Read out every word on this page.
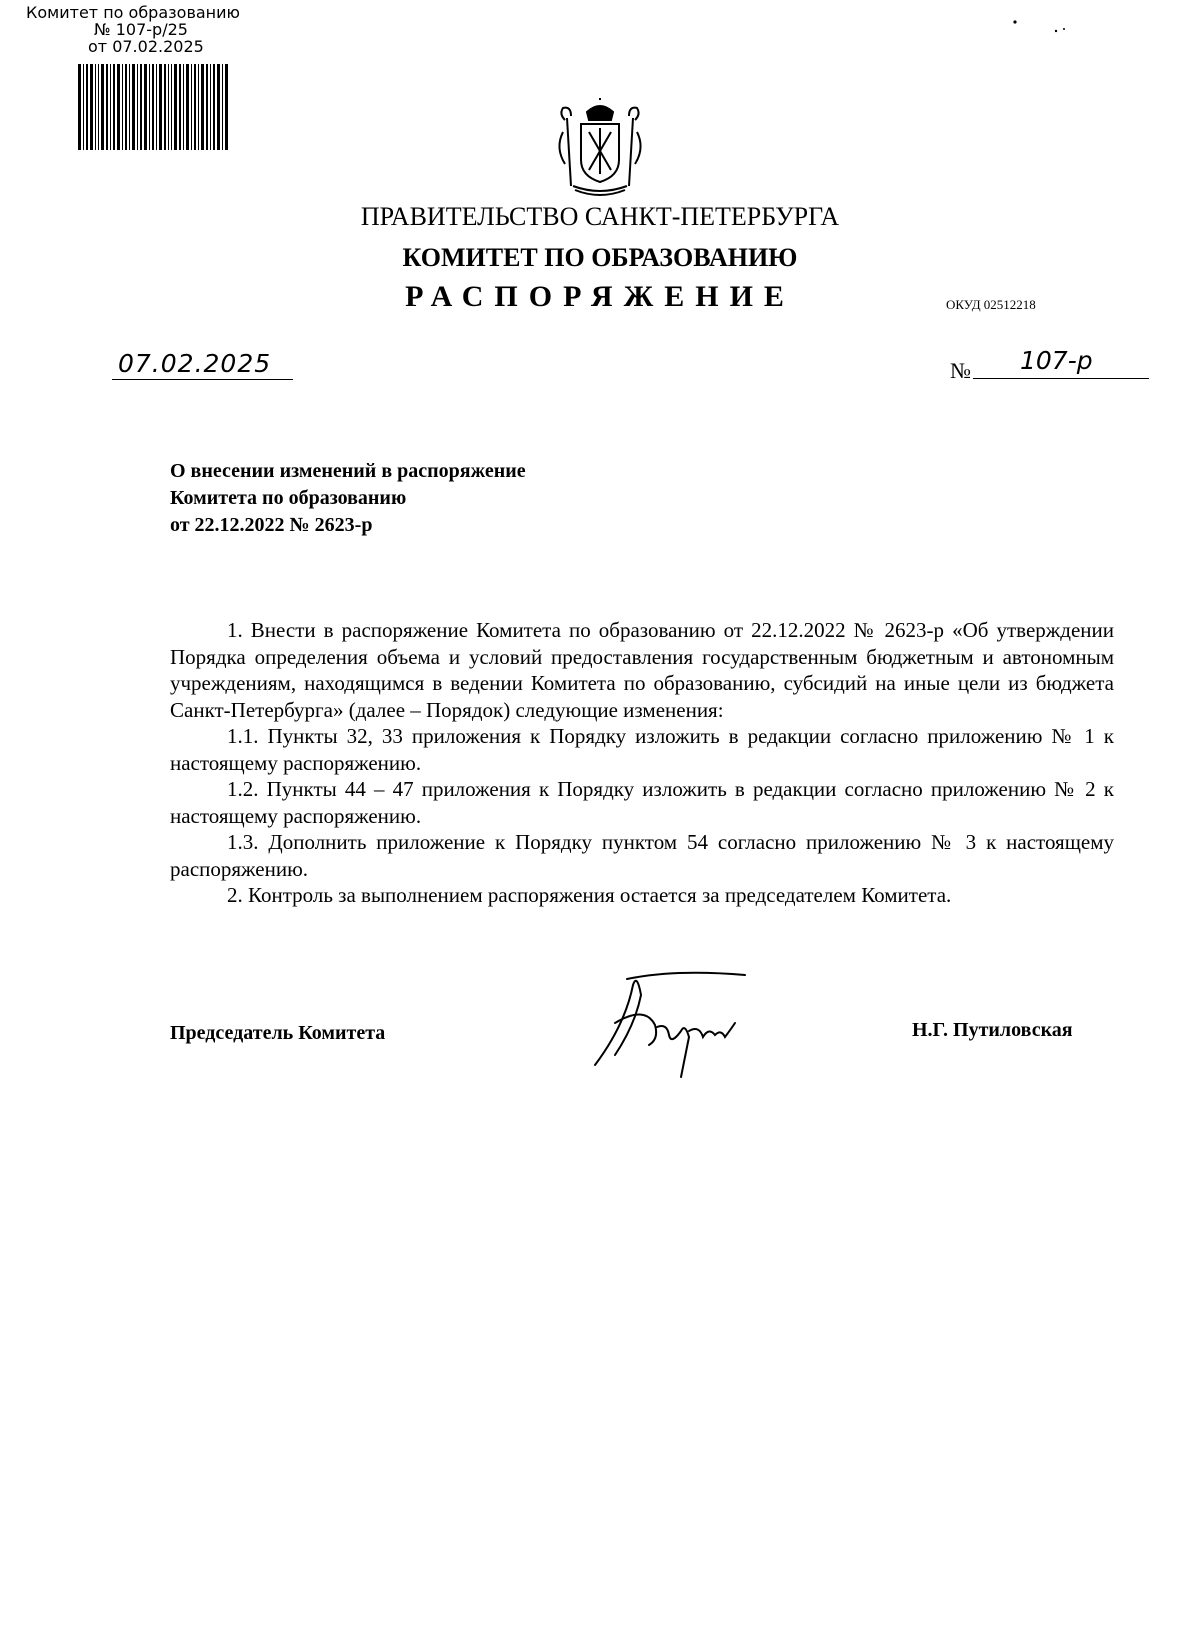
Комитет по образованию
№ 107-р/25
от 07.02.2025
ПРАВИТЕЛЬСТВО САНКТ-ПЕТЕРБУРГА
КОМИТЕТ ПО ОБРАЗОВАНИЮ
РАСПОРЯЖЕНИЕ	ОКУД 02512218
07.02.2025	№ 107-р
О внесении изменений в распоряжение
Комитета по образованию
от 22.12.2022 № 2623-р

1. Внести в распоряжение Комитета по образованию от 22.12.2022 № 2623-р «Об утверждении Порядка определения объема и условий предоставления государственным бюджетным и автономным учреждениям, находящимся в ведении Комитета по образованию, субсидий на иные цели из бюджета Санкт-Петербурга» (далее – Порядок) следующие изменения:

1.1. Пункты 32, 33 приложения к Порядку изложить в редакции согласно приложению № 1 к настоящему распоряжению.

1.2. Пункты 44 – 47 приложения к Порядку изложить в редакции согласно приложению № 2 к настоящему распоряжению.

1.3. Дополнить приложение к Порядку пунктом 54 согласно приложению № 3 к настоящему распоряжению.

2. Контроль за выполнением распоряжения остается за председателем Комитета.

Председатель Комитета	Н.Г. Путиловская
